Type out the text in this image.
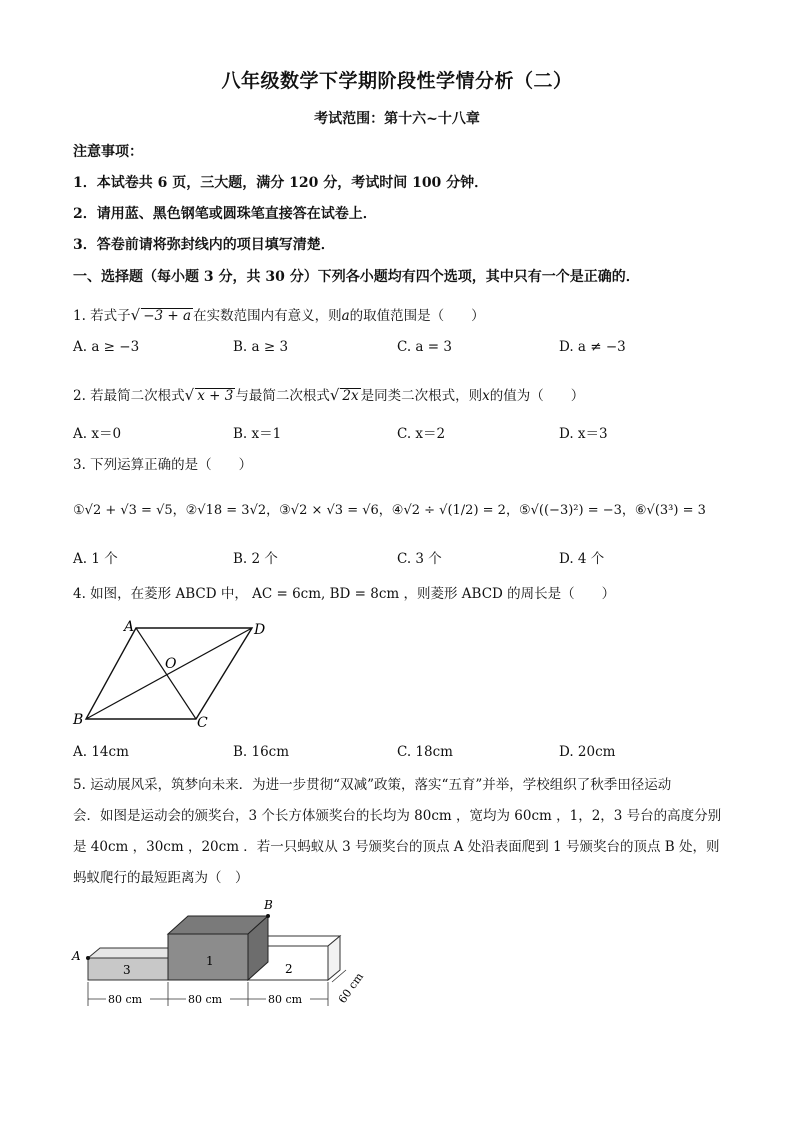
八年级数学下学期阶段性学情分析（二）
考试范围：第十六~十八章
注意事项：
1．本试卷共 6 页，三大题，满分 120 分，考试时间 100 分钟．
2．请用蓝、黑色钢笔或圆珠笔直接答在试卷上．
3．答卷前请将弥封线内的项目填写清楚．
一、选择题（每小题 3 分，共 30 分）下列各小题均有四个选项，其中只有一个是正确的．
1. 若式子√ −3 + a 在实数范围内有意义，则a的取值范围是（　　）
A. a ≥ −3	B. a ≥ 3	C. a = 3	D. a ≠ −3
2. 若最简二次根式√ x + 3 与最简二次根式√ 2x 是同类二次根式，则x的值为（　　）
A. x＝0	B. x＝1	C. x＝2	D. x＝3
3. 下列运算正确的是（　　）
①√2 + √3 = √5，②√18 = 3√2，③√2 × √3 = √6，④√2 ÷ √(1/2) = 2，⑤√((−3)²) = −3，⑥√(3³) = 3
A. 1 个	B. 2 个	C. 3 个	D. 4 个
4. 如图，在菱形 ABCD 中， AC = 6cm, BD = 8cm ，则菱形 ABCD 的周长是（　　）
A	D
O
B	C
A. 14cm	B. 16cm	C. 18cm	D. 20cm
5. 运动展风采，筑梦向未来．为进一步贯彻“双减”政策，落实“五育”并举，学校组织了秋季田径运动
会．如图是运动会的颁奖台，3 个长方体颁奖台的长均为 80cm ，宽均为 60cm ，1，2，3 号台的高度分别
是 40cm ，30cm ，20cm ．若一只蚂蚁从 3 号颁奖台的顶点 A 处沿表面爬到 1 号颁奖台的顶点 B 处，则
蚂蚁爬行的最短距离为（　）
B
A
3
1
2
80 cm	80 cm	80 cm	60 cm
